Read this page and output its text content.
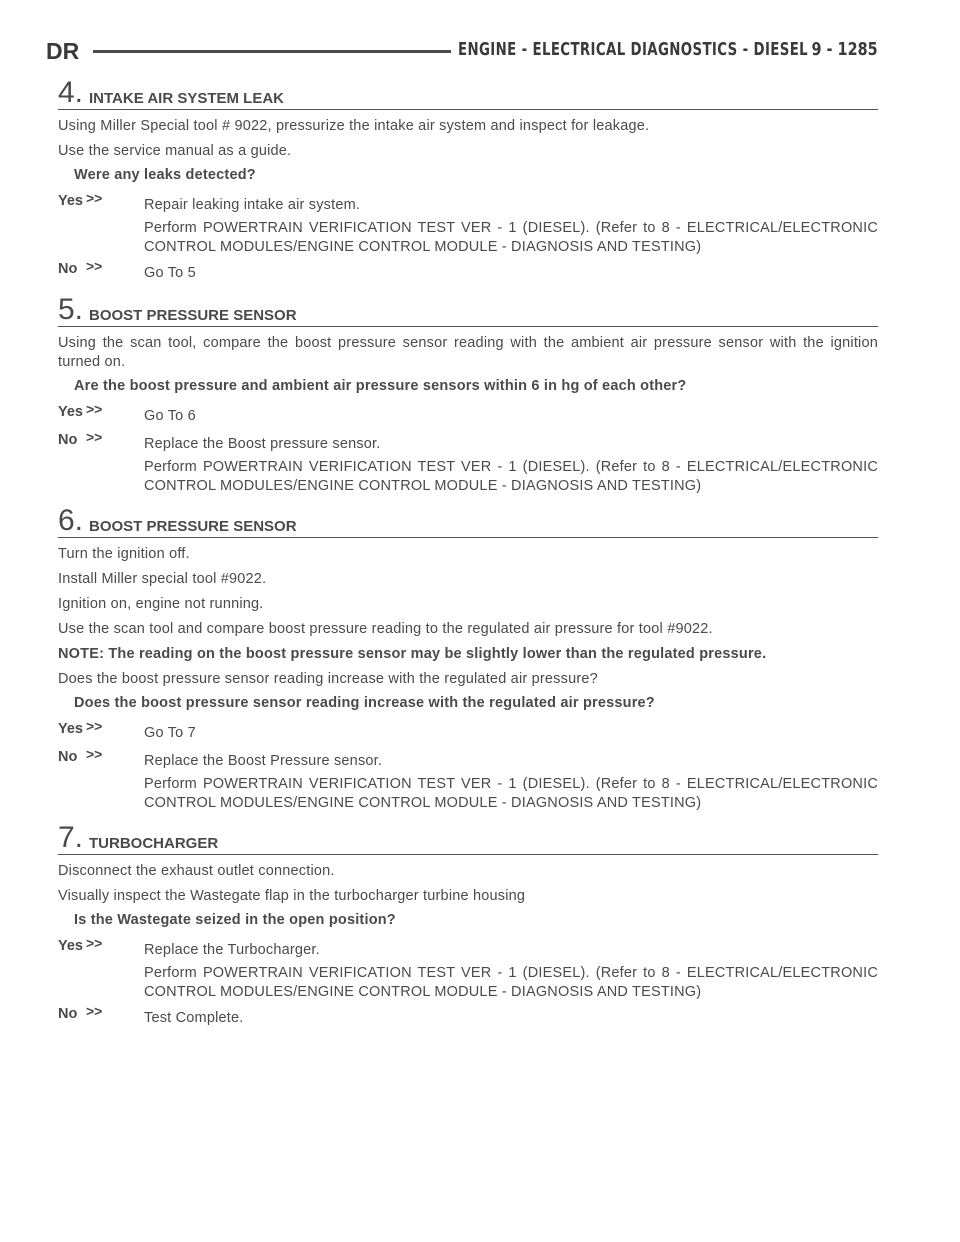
DR	ENGINE - ELECTRICAL DIAGNOSTICS - DIESEL 9 - 1285
4. INTAKE AIR SYSTEM LEAK
Using Miller Special tool # 9022, pressurize the intake air system and inspect for leakage.
Use the service manual as a guide.
Were any leaks detected?
Yes >>	Repair leaking intake air system.
Perform POWERTRAIN VERIFICATION TEST VER - 1 (DIESEL). (Refer to 8 - ELECTRICAL/ELECTRONIC CONTROL MODULES/ENGINE CONTROL MODULE - DIAGNOSIS AND TESTING)
No >>	Go To 5
5. BOOST PRESSURE SENSOR
Using the scan tool, compare the boost pressure sensor reading with the ambient air pressure sensor with the ignition turned on.
Are the boost pressure and ambient air pressure sensors within 6 in hg of each other?
Yes >>	Go To 6
No >>	Replace the Boost pressure sensor.
Perform POWERTRAIN VERIFICATION TEST VER - 1 (DIESEL). (Refer to 8 - ELECTRICAL/ELECTRONIC CONTROL MODULES/ENGINE CONTROL MODULE - DIAGNOSIS AND TESTING)
6. BOOST PRESSURE SENSOR
Turn the ignition off.
Install Miller special tool #9022.
Ignition on, engine not running.
Use the scan tool and compare boost pressure reading to the regulated air pressure for tool #9022.
NOTE: The reading on the boost pressure sensor may be slightly lower than the regulated pressure.
Does the boost pressure sensor reading increase with the regulated air pressure?
Does the boost pressure sensor reading increase with the regulated air pressure?
Yes >>	Go To 7
No >>	Replace the Boost Pressure sensor.
Perform POWERTRAIN VERIFICATION TEST VER - 1 (DIESEL). (Refer to 8 - ELECTRICAL/ELECTRONIC CONTROL MODULES/ENGINE CONTROL MODULE - DIAGNOSIS AND TESTING)
7. TURBOCHARGER
Disconnect the exhaust outlet connection.
Visually inspect the Wastegate flap in the turbocharger turbine housing
Is the Wastegate seized in the open position?
Yes >>	Replace the Turbocharger.
Perform POWERTRAIN VERIFICATION TEST VER - 1 (DIESEL). (Refer to 8 - ELECTRICAL/ELECTRONIC CONTROL MODULES/ENGINE CONTROL MODULE - DIAGNOSIS AND TESTING)
No >>	Test Complete.
